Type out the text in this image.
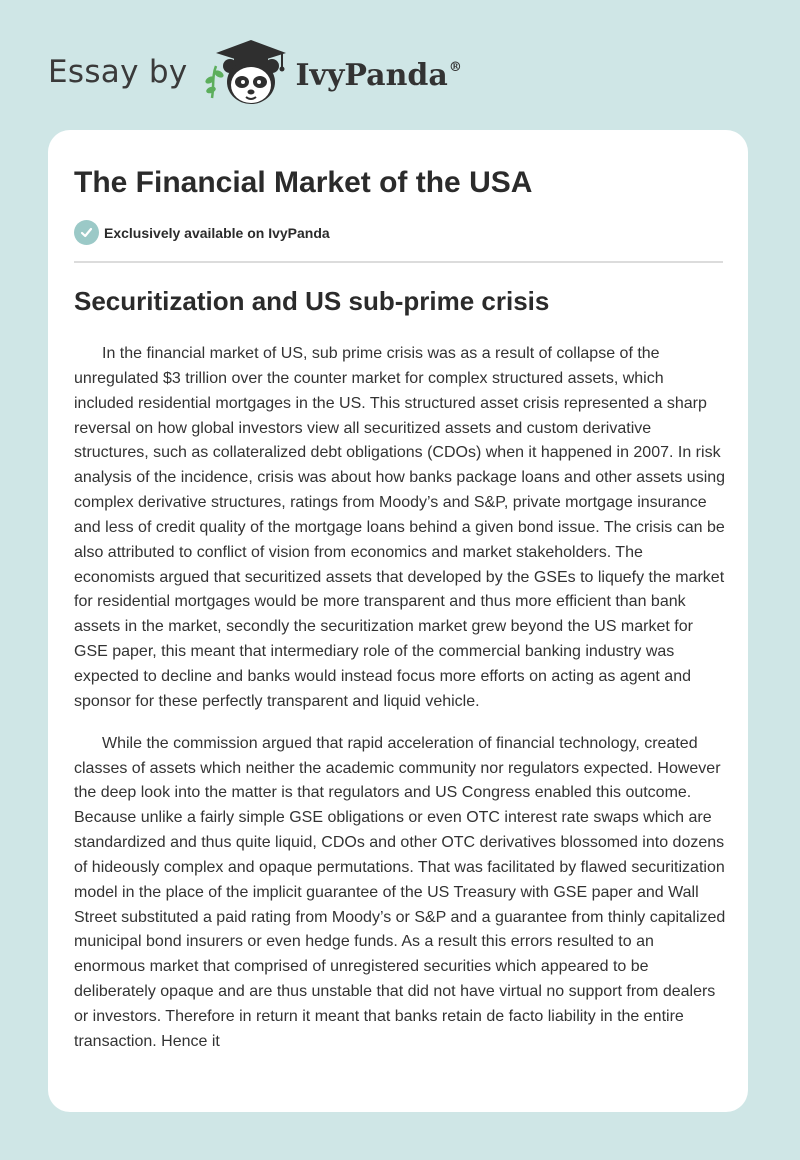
Essay by	IvyPanda®
The Financial Market of the USA
Exclusively available on IvyPanda
Securitization and US sub-prime crisis

In the financial market of US, sub prime crisis was as a result of collapse of the unregulated $3 trillion over the counter market for complex structured assets, which included residential mortgages in the US. This structured asset crisis represented a sharp reversal on how global investors view all securitized assets and custom derivative structures, such as collateralized debt obligations (CDOs) when it happened in 2007. In risk analysis of the incidence, crisis was about how banks package loans and other assets using complex derivative structures, ratings from Moody’s and S&P, private mortgage insurance and less of credit quality of the mortgage loans behind a given bond issue. The crisis can be also attributed to conflict of vision from economics and market stakeholders. The economists argued that securitized assets that developed by the GSEs to liquefy the market for residential mortgages would be more transparent and thus more efficient than bank assets in the market, secondly the securitization market grew beyond the US market for GSE paper, this meant that intermediary role of the commercial banking industry was expected to decline and banks would instead focus more efforts on acting as agent and sponsor for these perfectly transparent and liquid vehicle.

While the commission argued that rapid acceleration of financial technology, created classes of assets which neither the academic community nor regulators expected. However the deep look into the matter is that regulators and US Congress enabled this outcome. Because unlike a fairly simple GSE obligations or even OTC interest rate swaps which are standardized and thus quite liquid, CDOs and other OTC derivatives blossomed into dozens of hideously complex and opaque permutations. That was facilitated by flawed securitization model in the place of the implicit guarantee of the US Treasury with GSE paper and Wall Street substituted a paid rating from Moody’s or S&P and a guarantee from thinly capitalized municipal bond insurers or even hedge funds. As a result this errors resulted to an enormous market that comprised of unregistered securities which appeared to be deliberately opaque and are thus unstable that did not have virtual no support from dealers or investors. Therefore in return it meant that banks retain de facto liability in the entire transaction. Hence it
